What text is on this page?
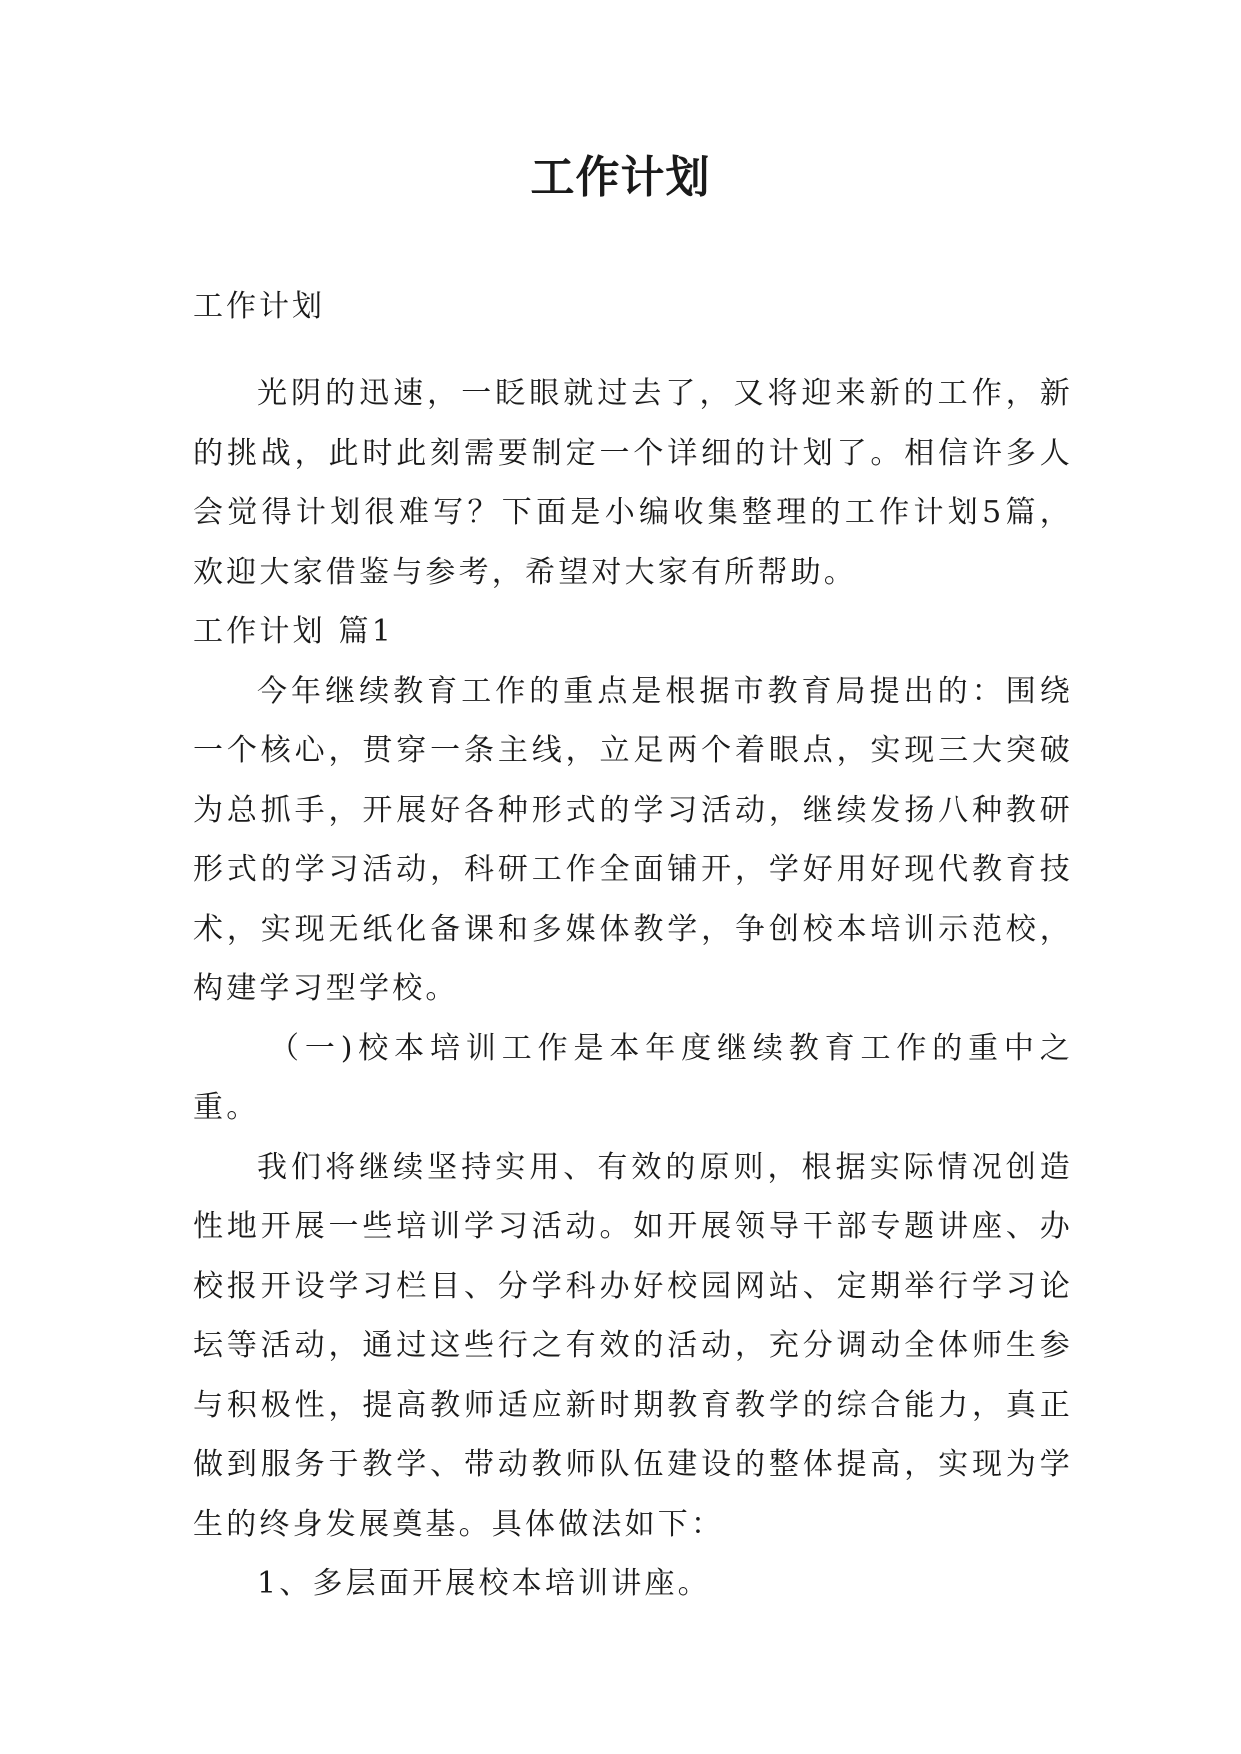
工作计划
工作计划

光阴的迅速，一眨眼就过去了，又将迎来新的工作，新的挑战，此时此刻需要制定一个详细的计划了。相信许多人会觉得计划很难写？下面是小编收集整理的工作计划5篇，欢迎大家借鉴与参考，希望对大家有所帮助。

工作计划 篇1

今年继续教育工作的重点是根据市教育局提出的：围绕一个核心，贯穿一条主线，立足两个着眼点，实现三大突破为总抓手，开展好各种形式的学习活动，继续发扬八种教研形式的学习活动，科研工作全面铺开，学好用好现代教育技术，实现无纸化备课和多媒体教学，争创校本培训示范校，构建学习型学校。

（一)校本培训工作是本年度继续教育工作的重中之重。

我们将继续坚持实用、有效的原则，根据实际情况创造性地开展一些培训学习活动。如开展领导干部专题讲座、办校报开设学习栏目、分学科办好校园网站、定期举行学习论坛等活动，通过这些行之有效的活动，充分调动全体师生参与积极性，提高教师适应新时期教育教学的综合能力，真正做到服务于教学、带动教师队伍建设的整体提高，实现为学生的终身发展奠基。具体做法如下：

1、多层面开展校本培训讲座。
